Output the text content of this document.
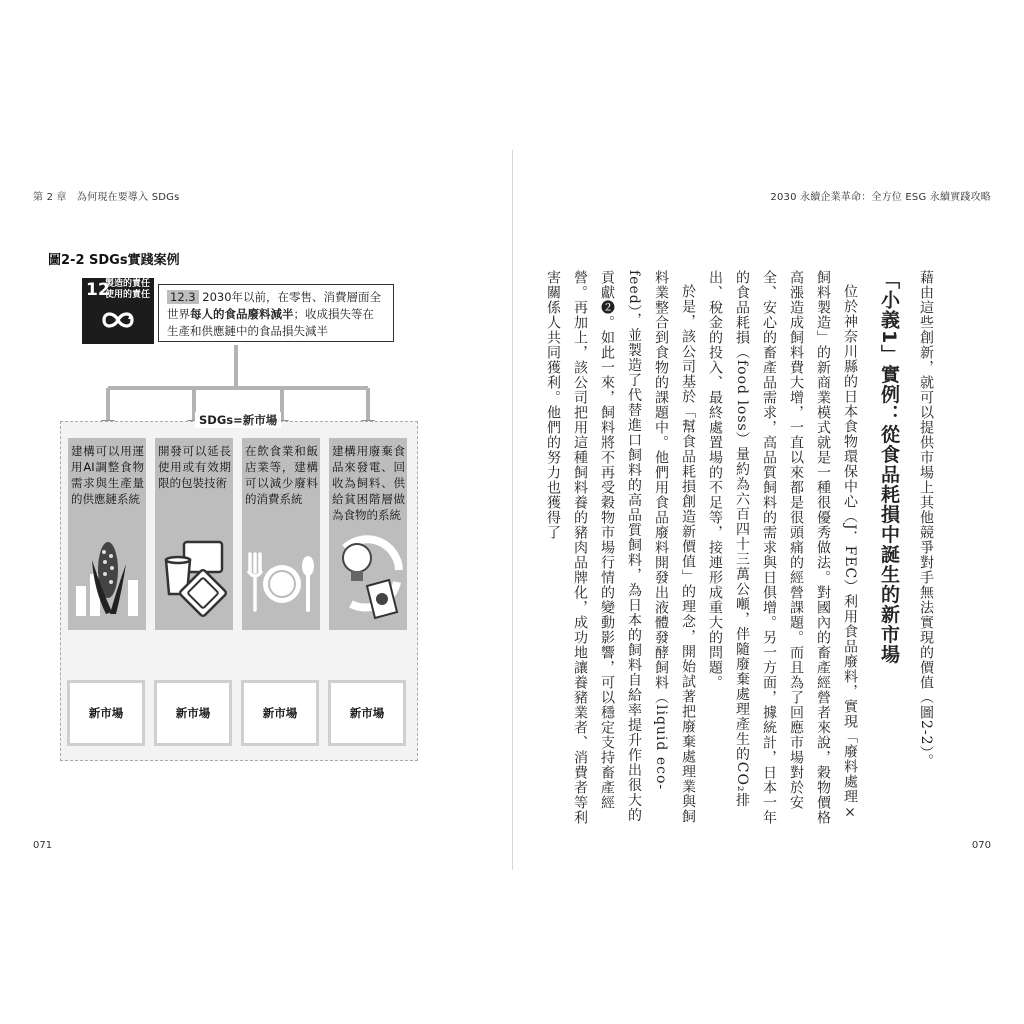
第 2 章　為何現在要導入 SDGs
071
圖2-2 SDGs實踐案例
12
製造的責任
使用的責任	12.3 2030年以前，在零售、消費層面全世界每人的食品廢料減半；收成損失等在生產和供應鏈中的食品損失減半
SDGs=新市場
建構可以用運用AI調整食物需求與生產量的供應鏈系統
開發可以延長使用或有效期限的包裝技術
在飲食業和飯店業等，建構可以減少廢料的消費系統
建構用廢棄食品來發電、回收為飼料、供給貧困階層做為食物的系統
新市場	新市場	新市場	新市場
2030 永續企業革命：全方位 ESG 永續實踐攻略
070

藉由這些創新，就可以提供市場上其他競爭對手無法實現的價值（圖2-2）。

「小義1」實例：從食品耗損中誕生的新市場

位於神奈川縣的日本食物環保中心（J．FEC）利用食品廢料，實現「廢料處理×飼料製造」的新商業模式就是一種很優秀做法。對國內的畜產經營者來說，穀物價格高漲造成飼料費大增，一直以來都是很頭痛的經營課題。而且為了回應市場對於安全、安心的畜產品需求，高品質飼料的需求與日俱增。另一方面，據統計，日本一年的食品耗損（food loss）量約為六百四十三萬公噸，伴隨廢棄處理產生的CO₂排出、稅金的投入、最終處置場的不足等，接連形成重大的問題。

於是，該公司基於「幫食品耗損創造新價值」的理念，開始試著把廢棄處理業與飼料業整合到食物的課題中。他們用食品廢料開發出液體發酵飼料（liquid eco-feed），並製造了代替進口飼料的高品質飼料，為日本的飼料自給率提升作出很大的貢獻❷。如此一來，飼料將不再受穀物市場行情的變動影響，可以穩定支持畜產經營。再加上，該公司把用這種飼料養的豬肉品牌化，成功地讓養豬業者、消費者等利害關係人共同獲利。他們的努力也獲得了
